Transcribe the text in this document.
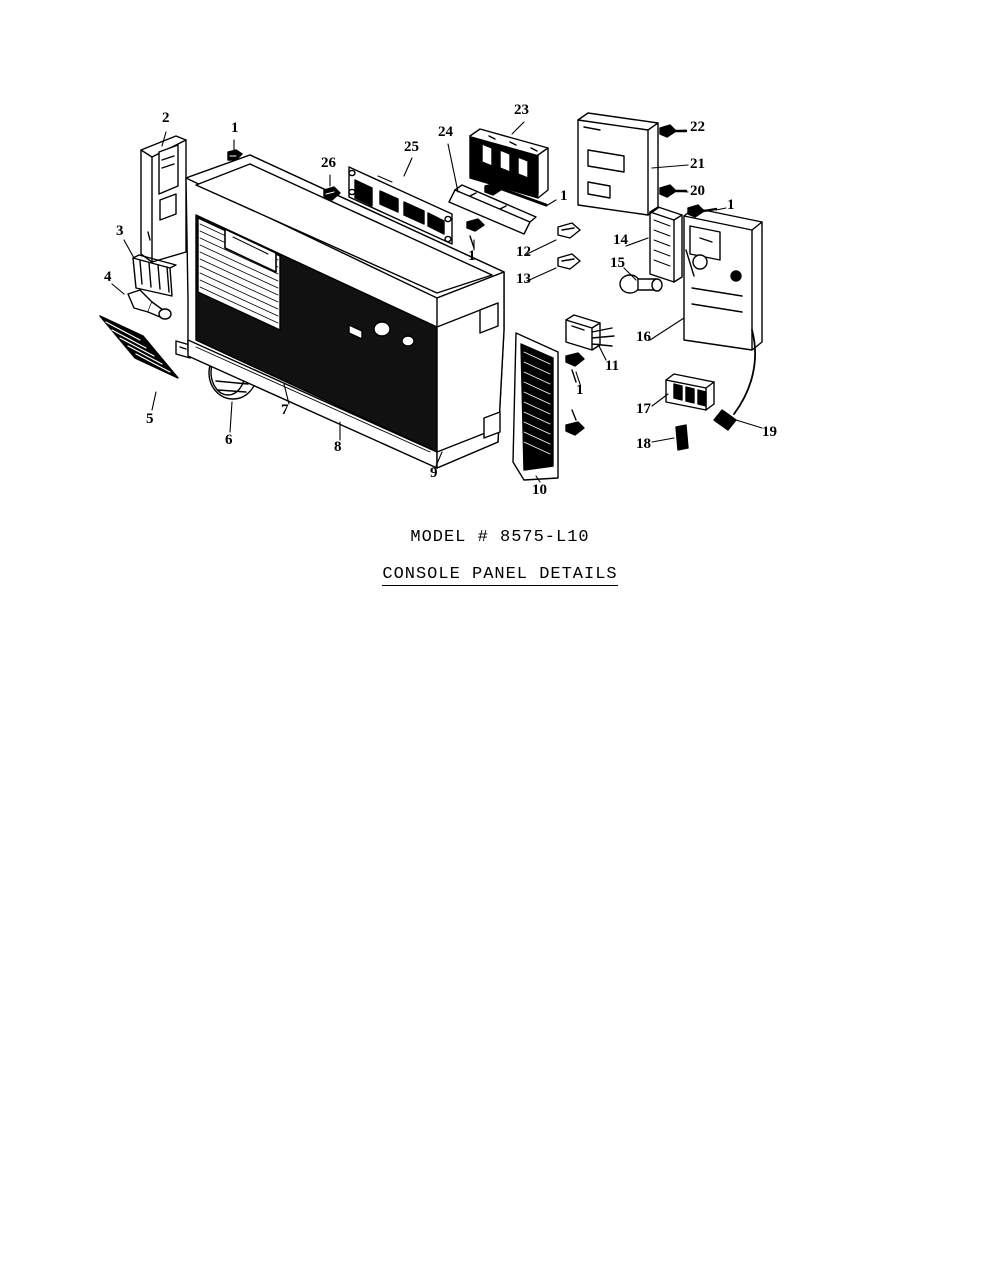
2
1
23
22
21
26
25
24
20
1
1
3
14
12
1	15
4	13
16
11
7
1
17
5
6	8	18
19
9
10
MODEL # 8575-L10
CONSOLE PANEL DETAILS
